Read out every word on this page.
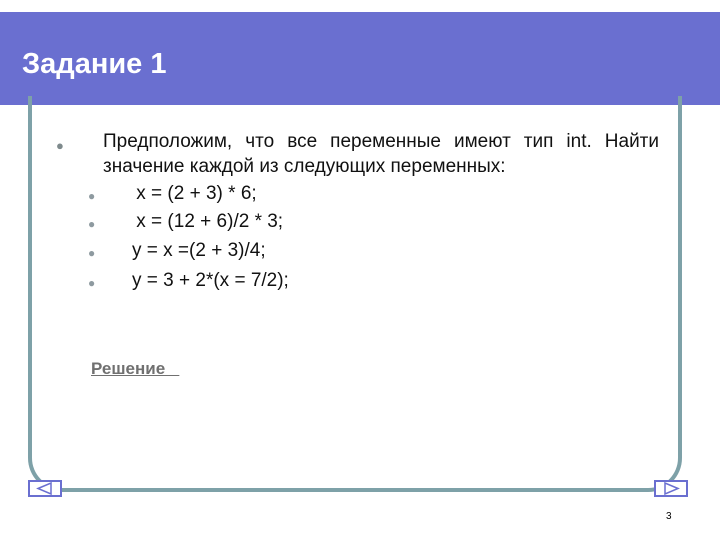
Задание 1
● Предположим, что все переменные имеют тип int. Найти значение каждой из следующих переменных:
● x = (2 + 3) * 6;
● x = (12 + 6)/2 * 3;
● y = x =(2 + 3)/4;
● y = 3 + 2*(x = 7/2);
Решение
3
